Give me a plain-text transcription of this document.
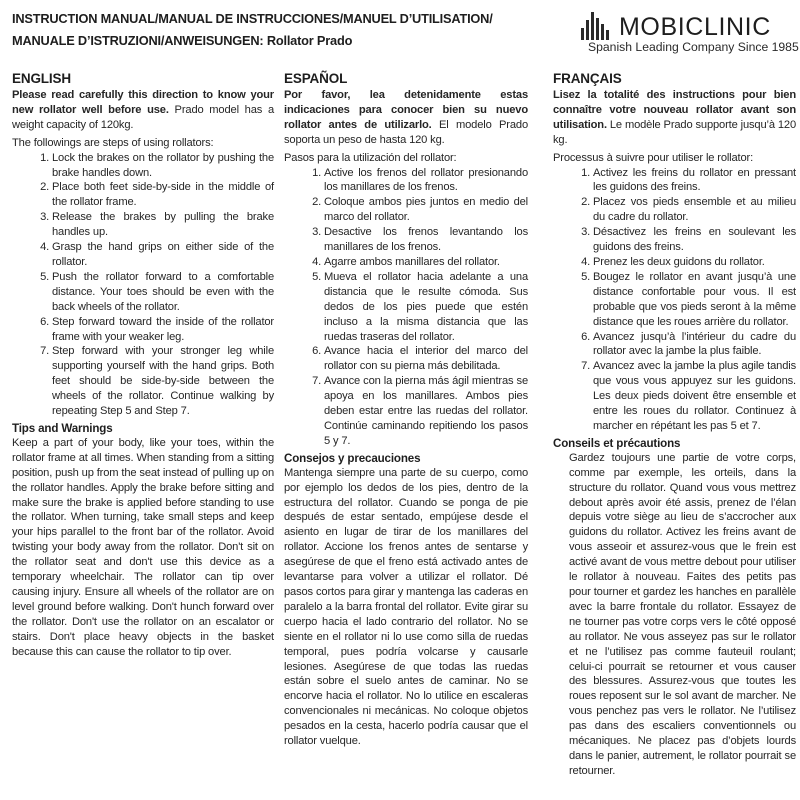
INSTRUCTION MANUAL/MANUAL DE INSTRUCCIONES/MANUEL D’UTILISATION/
MANUALE D’ISTRUZIONI/ANWEISUNGEN: Rollator Prado	MOBICLINIC
Spanish Leading Company Since 1985
ENGLISH
Please read carefully this direction to know your new rollator well before use. Prado model has a weight capacity of 120kg.
The followings are steps of using rollators:
1. Lock the brakes on the rollator by pushing the brake handles down.
2. Place both feet side-by-side in the middle of the rollator frame.
3. Release the brakes by pulling the brake handles up.
4. Grasp the hand grips on either side of the rollator.
5. Push the rollator forward to a comfortable distance. Your toes should be even with the back wheels of the rollator.
6. Step forward toward the inside of the rollator frame with your weaker leg.
7. Step forward with your stronger leg while supporting yourself with the hand grips. Both feet should be side-by-side between the wheels of the rollator. Continue walking by repeating Step 5 and Step 7.
Tips and Warnings
Keep a part of your body, like your toes, within the rollator frame at all times. When standing from a sitting position, push up from the seat instead of pulling up on the rollator handles. Apply the brake before sitting and make sure the brake is applied before standing to use the rollator. When turning, take small steps and keep your hips parallel to the front bar of the rollator. Avoid twisting your body away from the rollator. Don't sit on the rollator seat and don't use this device as a temporary wheelchair. The rollator can tip over causing injury. Ensure all wheels of the rollator are on level ground before walking. Don't hunch forward over the rollator. Don't use the rollator on an escalator or stairs. Don't place heavy objects in the basket because this can cause the rollator to tip over.
ESPAÑOL
Por favor, lea detenidamente estas indicaciones para conocer bien su nuevo rollator antes de utilizarlo. El modelo Prado soporta un peso de hasta 120 kg.
Pasos para la utilización del rollator:
1. Active los frenos del rollator presionando los manillares de los frenos.
2. Coloque ambos pies juntos en medio del marco del rollator.
3. Desactive los frenos levantando los manillares de los frenos.
4. Agarre ambos manillares del rollator.
5. Mueva el rollator hacia adelante a una distancia que le resulte cómoda. Sus dedos de los pies puede que estén incluso a la misma distancia que las ruedas traseras del rollator.
6. Avance hacia el interior del marco del rollator con su pierna más debilitada.
7. Avance con la pierna más ágil mientras se apoya en los manillares. Ambos pies deben estar entre las ruedas del rollator. Continúe caminando repitiendo los pasos 5 y 7.
Consejos y precauciones
Mantenga siempre una parte de su cuerpo, como por ejemplo los dedos de los pies, dentro de la estructura del rollator. Cuando se ponga de pie después de estar sentado, empújese desde el asiento en lugar de tirar de los manillares del rollator. Accione los frenos antes de sentarse y asegúrese de que el freno está activado antes de levantarse para volver a utilizar el rollator. Dé pasos cortos para girar y mantenga las caderas en paralelo a la barra frontal del rollator. Evite girar su cuerpo hacia el lado contrario del rollator. No se siente en el rollator ni lo use como silla de ruedas temporal, pues podría volcarse y causarle lesiones. Asegúrese de que todas las ruedas están sobre el suelo antes de caminar. No se encorve hacia el rollator. No lo utilice en escaleras convencionales ni mecánicas. No coloque objetos pesados en la cesta, hacerlo podría causar que el rollator vuelque.
FRANÇAIS
Lisez la totalité des instructions pour bien connaître votre nouveau rollator avant son utilisation. Le modèle Prado supporte jusqu’à 120 kg.
Processus à suivre pour utiliser le rollator:
1. Activez les freins du rollator en pressant les guidons des freins.
2. Placez vos pieds ensemble et au milieu du cadre du rollator.
3. Désactivez les freins en soulevant les guidons des freins.
4. Prenez les deux guidons du rollator.
5. Bougez le rollator en avant jusqu’à une distance confortable pour vous. Il est probable que vos pieds seront à la même distance que les roues arrière du rollator.
6. Avancez jusqu’à l’intérieur du cadre du rollator avec la jambe la plus faible.
7. Avancez avec la jambe la plus agile tandis que vous vous appuyez sur les guidons. Les deux pieds doivent être ensemble et entre les roues du rollator. Continuez à marcher en répétant les pas 5 et 7.
Conseils et précautions
Gardez toujours une partie de votre corps, comme par exemple, les orteils, dans la structure du rollator. Quand vous vous mettrez debout après avoir été assis, prenez de l’élan depuis votre siège au lieu de s’accrocher aux guidons du rollator. Activez les freins avant de vous asseoir et assurez-vous que le frein est activé avant de vous mettre debout pour utiliser le rollator à nouveau. Faites des petits pas pour tourner et gardez les hanches en parallèle avec la barre frontale du rollator. Essayez de ne tourner pas votre corps vers le côté opposé au rollator. Ne vous asseyez pas sur le rollator et ne l’utilisez pas comme fauteuil roulant; celui-ci pourrait se retourner et vous causer des blessures. Assurez-vous que toutes les roues reposent sur le sol avant de marcher. Ne vous penchez pas vers le rollator. Ne l’utilisez pas dans des escaliers conventionnels ou mécaniques. Ne placez pas d’objets lourds dans le panier, autrement, le rollator pourrait se retourner.
